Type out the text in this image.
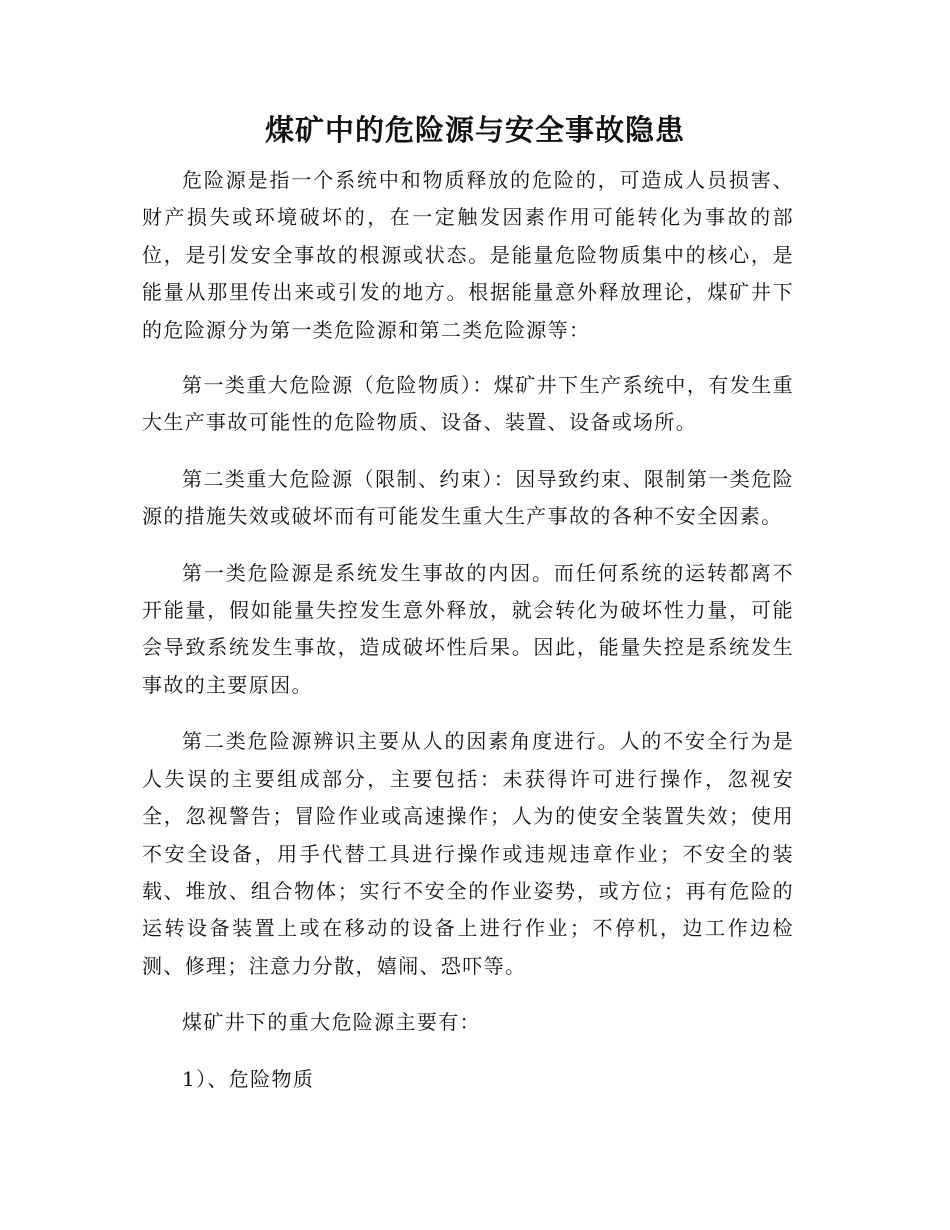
煤矿中的危险源与安全事故隐患

危险源是指一个系统中和物质释放的危险的，可造成人员损害、财产损失或环境破坏的，在一定触发因素作用可能转化为事故的部位，是引发安全事故的根源或状态。是能量危险物质集中的核心，是能量从那里传出来或引发的地方。根据能量意外释放理论，煤矿井下的危险源分为第一类危险源和第二类危险源等：

第一类重大危险源（危险物质）：煤矿井下生产系统中，有发生重大生产事故可能性的危险物质、设备、装置、设备或场所。

第二类重大危险源（限制、约束）：因导致约束、限制第一类危险源的措施失效或破坏而有可能发生重大生产事故的各种不安全因素。

第一类危险源是系统发生事故的内因。而任何系统的运转都离不开能量，假如能量失控发生意外释放，就会转化为破坏性力量，可能会导致系统发生事故，造成破坏性后果。因此，能量失控是系统发生事故的主要原因。

第二类危险源辨识主要从人的因素角度进行。人的不安全行为是人失误的主要组成部分，主要包括：未获得许可进行操作，忽视安全，忽视警告；冒险作业或高速操作；人为的使安全装置失效；使用不安全设备，用手代替工具进行操作或违规违章作业；不安全的装载、堆放、组合物体；实行不安全的作业姿势，或方位；再有危险的运转设备装置上或在移动的设备上进行作业；不停机，边工作边检测、修理；注意力分散，嬉闹、恐吓等。

煤矿井下的重大危险源主要有：

1）、危险物质
